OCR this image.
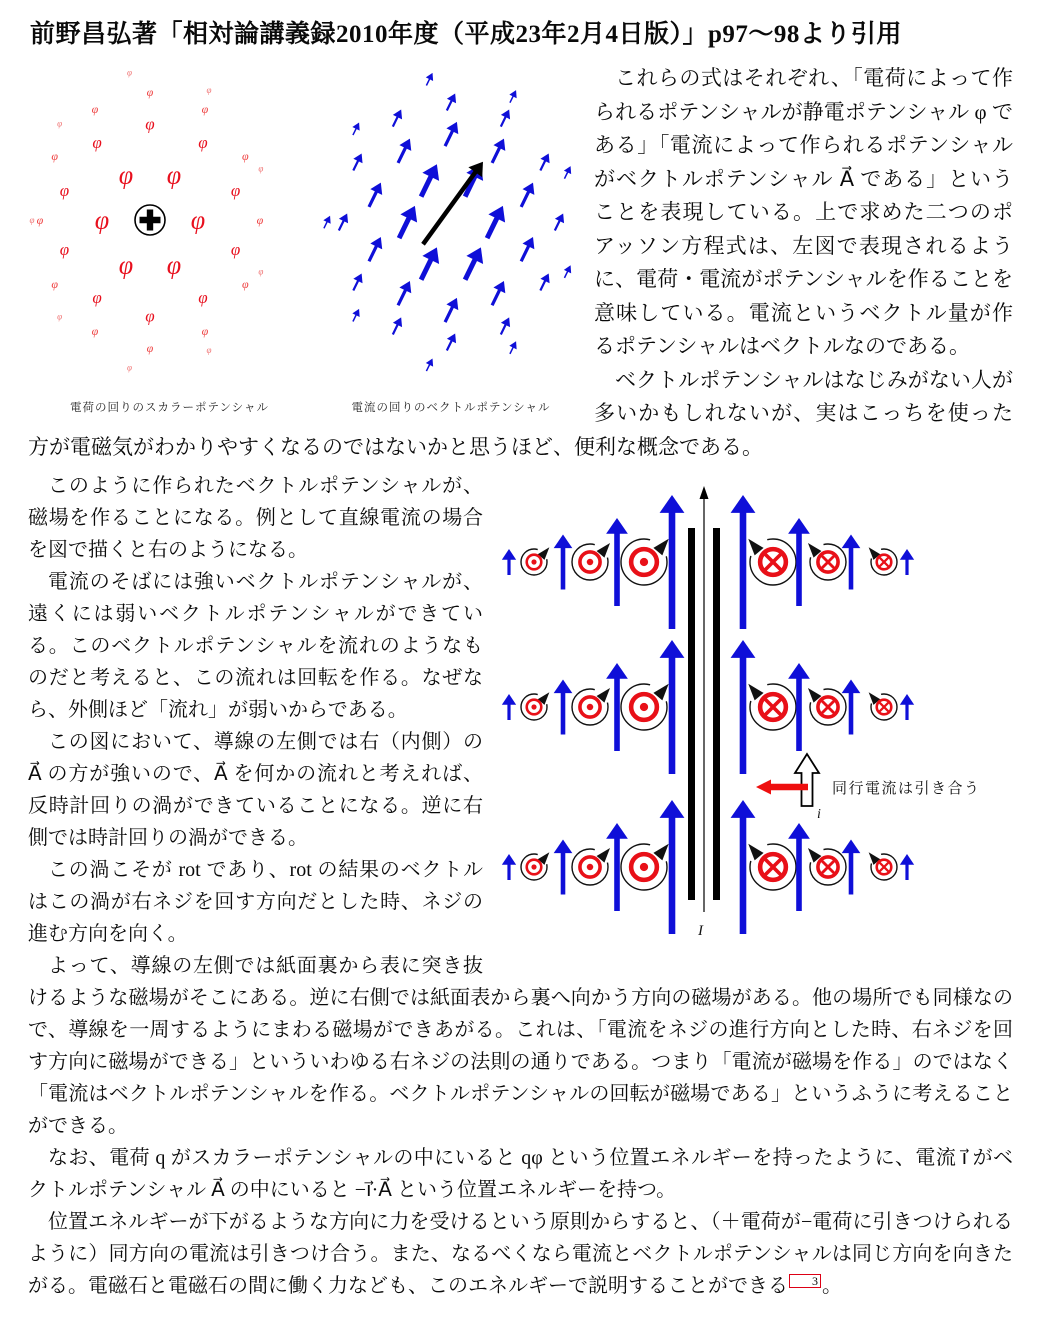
前野昌弘著「相対論講義録2010年度（平成23年2月4日版）」p97～98より引用
φ
φ
φ
φ
φ φ
φ
φ
φ
φ
φ
φ
φ
φ
φ
φ
φ
φ
φ
φ
φ
φ
φ
φ
φ
φ
φ
φ
φ
φ
φ
φ
φ
φ
φ
φ
φ
電荷の回りのスカラーポテンシャル	電流の回りのベクトルポテンシャル

これらの式はそれぞれ、「電荷によって作られるポテンシャルが静電ポテンシャル φ である」「電流によって作られるポテンシャルがベクトルポテンシャル A⃗ である」ということを表現している。上で求めた二つのポアッソン方程式は、左図で表現されるように、電荷・電流がポテンシャルを作ることを意味している。電流というベクトル量が作るポテンシャルはベクトルなのである。

ベクトルポテンシャルはなじみがない人が多いかもしれないが、実はこっちを使った方が電磁気がわかりやすくなるのではないかと思うほど、便利な概念である。

I
i
同行電流は引き合う

このように作られたベクトルポテンシャルが、磁場を作ることになる。例として直線電流の場合を図で描くと右のようになる。

電流のそばには強いベクトルポテンシャルが、遠くには弱いベクトルポテンシャルができている。このベクトルポテンシャルを流れのようなものだと考えると、この流れは回転を作る。なぜなら、外側ほど「流れ」が弱いからである。

この図において、導線の左側では右（内側）の A⃗ の方が強いので、A⃗ を何かの流れと考えれば、反時計回りの渦ができていることになる。逆に右側では時計回りの渦ができる。

この渦こそが rot であり、rot の結果のベクトルはこの渦が右ネジを回す方向だとした時、ネジの進む方向を向く。

よって、導線の左側では紙面裏から表に突き抜けるような磁場がそこにある。逆に右側では紙面表から裏へ向かう方向の磁場がある。他の場所でも同様なので、導線を一周するようにまわる磁場ができあがる。これは、「電流をネジの進行方向とした時、右ネジを回す方向に磁場ができる」といういわゆる右ネジの法則の通りである。つまり「電流が磁場を作る」のではなく「電流はベクトルポテンシャルを作る。ベクトルポテンシャルの回転が磁場である」というふうに考えることができる。

なお、電荷 q がスカラーポテンシャルの中にいると qφ という位置エネルギーを持ったように、電流 i⃗ がベクトルポテンシャル A⃗ の中にいると −i⃗·A⃗ という位置エネルギーを持つ。

位置エネルギーが下がるような方向に力を受けるという原則からすると、（＋電荷が−電荷に引きつけられるように）同方向の電流は引きつけ合う。また、なるべくなら電流とベクトルポテンシャルは同じ方向を向きたがる。電磁石と電磁石の間に働く力なども、このエネルギーで説明することができる 3 。
